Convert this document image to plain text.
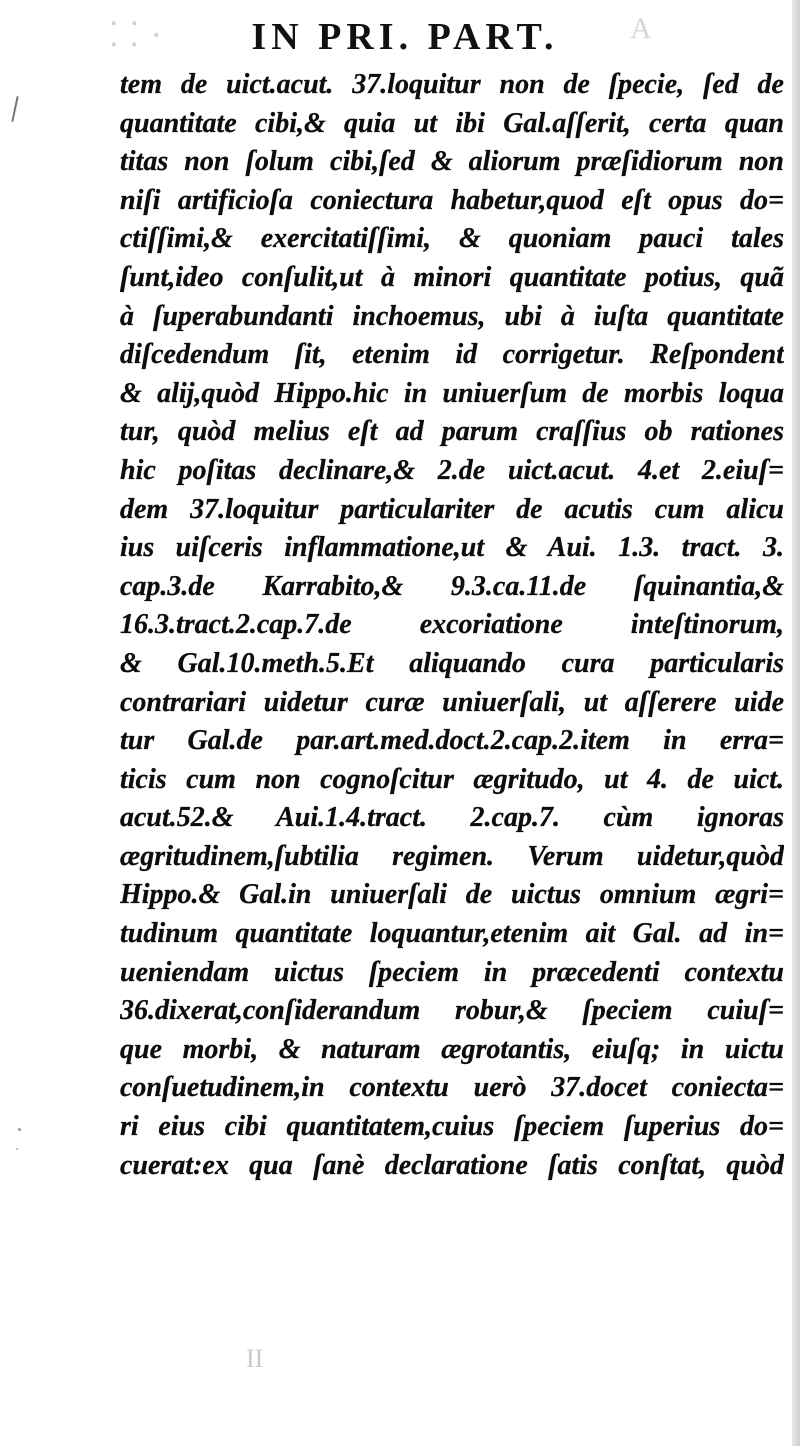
⸬ ·	A
IN PRI. PART.
tem de uict.acut. 37.loquitur non de ſpecie, ſed de
quantitate cibi,& quia ut ibi Gal.aſſerit, certa quan
titas non ſolum cibi,ſed & aliorum præſidiorum non
niſi artificioſa coniectura habetur,quod eſt opus do=
ctiſſimi,& exercitatiſſimi, & quoniam pauci tales
ſunt,ideo conſulit,ut à minori quantitate potius, quã
à ſuperabundanti inchoemus, ubi à iuſta quantitate
diſcedendum ſit, etenim id corrigetur. Reſpondent
& alij,quòd Hippo.hic in uniuerſum de morbis loqua
tur, quòd melius eſt ad parum craſſius ob rationes
hic poſitas declinare,& 2.de uict.acut. 4.et 2.eiuſ=
dem 37.loquitur particulariter de acutis cum alicu
ius uiſceris inflammatione,ut & Aui. 1.3. tract. 3.
cap.3.de Karrabito,& 9.3.ca.11.de ſquinantia,&
16.3.tract.2.cap.7.de excoriatione inteſtinorum,
& Gal.10.meth.5.Et aliquando cura particularis
contrariari uidetur curæ uniuerſali, ut aſſerere uide
tur Gal.de par.art.med.doct.2.cap.2.item in erra=
ticis cum non cognoſcitur ægritudo, ut 4. de uict.
acut.52.& Aui.1.4.tract. 2.cap.7. cùm ignoras
ægritudinem,ſubtilia regimen. Verum uidetur,quòd
Hippo.& Gal.in uniuerſali de uictus omnium ægri=
tudinum quantitate loquantur,etenim ait Gal. ad in=
ueniendam uictus ſpeciem in præcedenti contextu
36.dixerat,conſiderandum robur,& ſpeciem cuiuſ=
que morbi, & naturam ægrotantis, eiuſq; in uictu
conſuetudinem,in contextu uerò 37.docet coniecta=
ri eius cibi quantitatem,cuius ſpeciem ſuperius do=
cuerat:ex qua ſanè declaratione ſatis conſtat, quòd
II
